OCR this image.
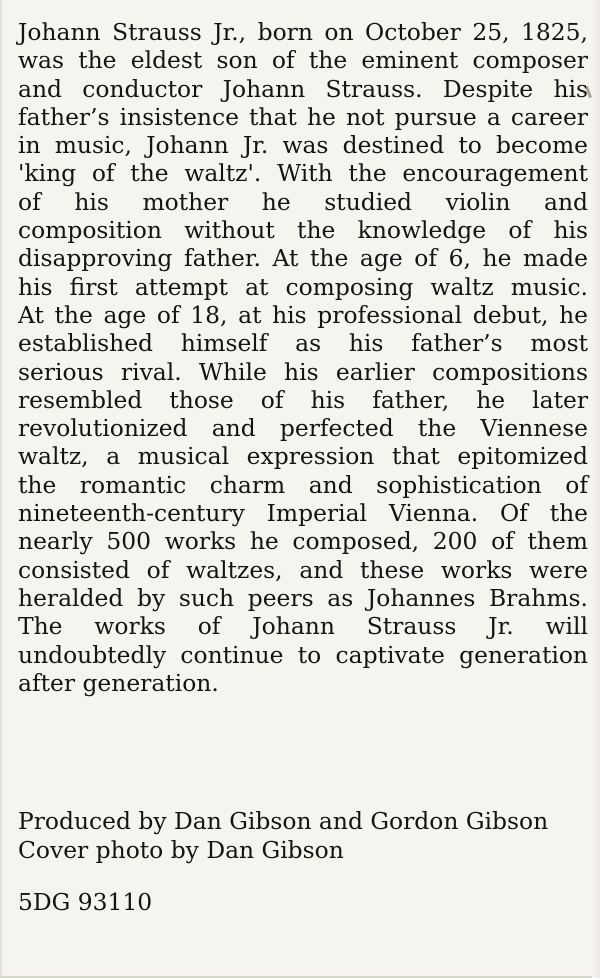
Johann Strauss Jr., born on October 25, 1825,
was the eldest son of the eminent composer
and conductor Johann Strauss. Despite his
father’s insistence that he not pursue a career
in music, Johann Jr. was destined to become
'king of the waltz'. With the encouragement
of his mother he studied violin and
composition without the knowledge of his
disapproving father. At the age of 6, he made
his first attempt at composing waltz music.
At the age of 18, at his professional debut, he
established himself as his father’s most
serious rival. While his earlier compositions
resembled those of his father, he later
revolutionized and perfected the Viennese
waltz, a musical expression that epitomized
the romantic charm and sophistication of
nineteenth-century Imperial Vienna. Of the
nearly 500 works he composed, 200 of them
consisted of waltzes, and these works were
heralded by such peers as Johannes Brahms.
The works of Johann Strauss Jr. will
undoubtedly continue to captivate generation
after generation.
Produced by Dan Gibson and Gordon Gibson
Cover photo by Dan Gibson
5DG 93110
